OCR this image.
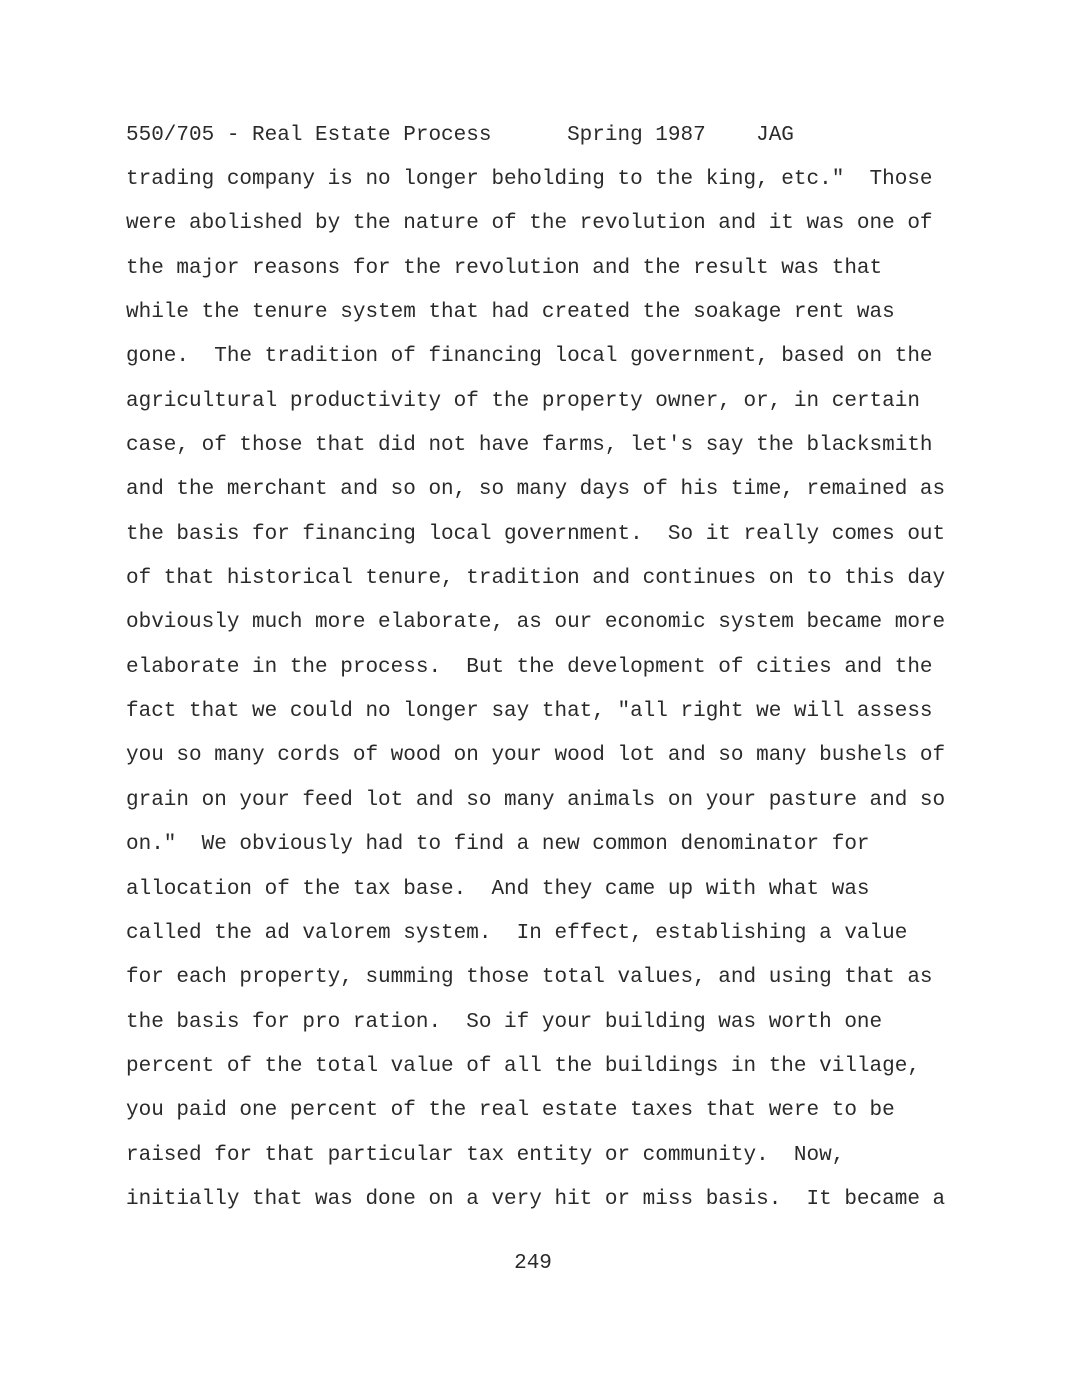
550/705 - Real Estate Process      Spring 1987    JAG
trading company is no longer beholding to the king, etc."  Those
were abolished by the nature of the revolution and it was one of
the major reasons for the revolution and the result was that
while the tenure system that had created the soakage rent was
gone.  The tradition of financing local government, based on the
agricultural productivity of the property owner, or, in certain
case, of those that did not have farms, let's say the blacksmith
and the merchant and so on, so many days of his time, remained as
the basis for financing local government.  So it really comes out
of that historical tenure, tradition and continues on to this day
obviously much more elaborate, as our economic system became more
elaborate in the process.  But the development of cities and the
fact that we could no longer say that, "all right we will assess
you so many cords of wood on your wood lot and so many bushels of
grain on your feed lot and so many animals on your pasture and so
on."  We obviously had to find a new common denominator for
allocation of the tax base.  And they came up with what was
called the ad valorem system.  In effect, establishing a value
for each property, summing those total values, and using that as
the basis for pro ration.  So if your building was worth one
percent of the total value of all the buildings in the village,
you paid one percent of the real estate taxes that were to be
raised for that particular tax entity or community.  Now,
initially that was done on a very hit or miss basis.  It became a
249
